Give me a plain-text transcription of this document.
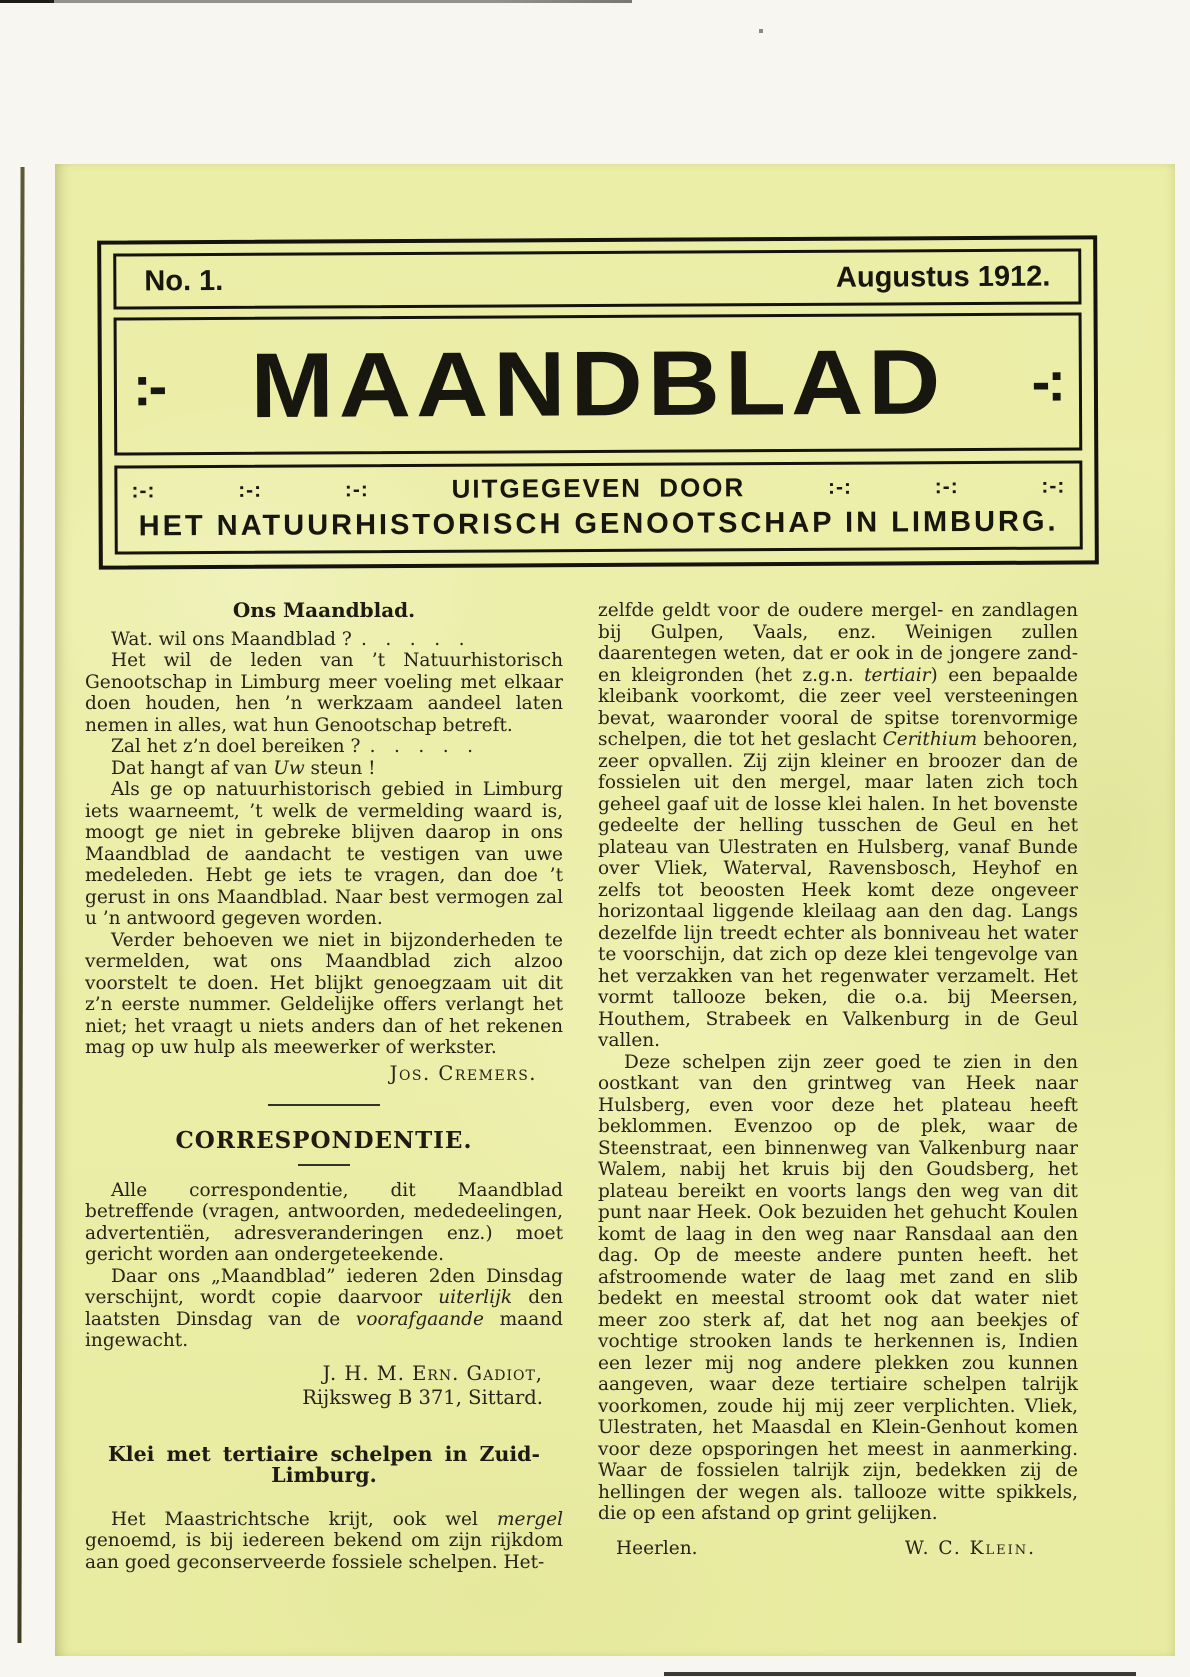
No. 1.	Augustus 1912.
:- MAANDBLAD -:
:-:	:-:	:-:	UITGEGEVEN DOOR	:-:	:-:	:-:
HET NATUURHISTORISCH GENOOTSCHAP IN LIMBURG.
Ons Maandblad.

Wat. wil ons Maandblad ? . . . . .

Het wil de leden van ’t Natuurhistorisch Genootschap in Limburg meer voeling met elkaar doen houden, hen ’n werkzaam aandeel laten nemen in alles, wat hun Genootschap betreft.

Zal het z’n doel bereiken ? . . . . .

Dat hangt af van Uw steun !

Als ge op natuurhistorisch gebied in Limburg iets waarneemt, ’t welk de vermelding waard is, moogt ge niet in gebreke blijven daarop in ons Maandblad de aandacht te vestigen van uwe medeleden. Hebt ge iets te vragen, dan doe ’t gerust in ons Maandblad. Naar best vermogen zal u ’n antwoord gegeven worden.

Verder behoeven we niet in bijzonderheden te vermelden, wat ons Maandblad zich alzoo voorstelt te doen. Het blijkt genoegzaam uit dit z’n eerste nummer. Geldelijke offers verlangt het niet; het vraagt u niets anders dan of het rekenen mag op uw hulp als meewerker of werkster.

Jos. Cremers.
CORRESPONDENTIE.

Alle correspondentie, dit Maandblad betreffende (vragen, antwoorden, mededeelingen, advertentiën, adresveranderingen enz.) moet gericht worden aan ondergeteekende.

Daar ons „Maandblad” iederen 2den Dinsdag verschijnt, wordt copie daarvoor uiterlijk den laatsten Dinsdag van de voorafgaande maand ingewacht.

J. H. M. Ern. Gadiot,
Rijksweg B 371, Sittard.
Klei met tertiaire schelpen in Zuid-Limburg.

Het Maastrichtsche krijt, ook wel mergel genoemd, is bij iedereen bekend om zijn rijkdom aan goed geconserveerde fossiele schelpen. Het-

zelfde geldt voor de oudere mergel- en zandlagen bij Gulpen, Vaals, enz. Weinigen zullen daarentegen weten, dat er ook in de jongere zand- en kleigronden (het z.g.n. tertiair) een bepaalde kleibank voorkomt, die zeer veel versteeningen bevat, waaronder vooral de spitse torenvormige schelpen, die tot het geslacht Cerithium behooren, zeer opvallen. Zij zijn kleiner en broozer dan de fossielen uit den mergel, maar laten zich toch geheel gaaf uit de losse klei halen. In het bovenste gedeelte der helling tusschen de Geul en het plateau van Ulestraten en Hulsberg, vanaf Bunde over Vliek, Waterval, Ravensbosch, Heyhof en zelfs tot beoosten Heek komt deze ongeveer horizontaal liggende kleilaag aan den dag. Langs dezelfde lijn treedt echter als bonniveau het water te voorschijn, dat zich op deze klei tengevolge van het verzakken van het regenwater verzamelt. Het vormt tallooze beken, die o.a. bij Meersen, Houthem, Strabeek en Valkenburg in de Geul vallen.

Deze schelpen zijn zeer goed te zien in den oostkant van den grintweg van Heek naar Hulsberg, even voor deze het plateau heeft beklommen. Evenzoo op de plek, waar de Steenstraat, een binnenweg van Valkenburg naar Walem, nabij het kruis bij den Goudsberg, het plateau bereikt en voorts langs den weg van dit punt naar Heek. Ook bezuiden het gehucht Koulen komt de laag in den weg naar Ransdaal aan den dag. Op de meeste andere punten heeft. het afstroomende water de laag met zand en slib bedekt en meestal stroomt ook dat water niet meer zoo sterk af, dat het nog aan beekjes of vochtige strooken lands te herkennen is, Indien een lezer mij nog andere plekken zou kunnen aangeven, waar deze tertiaire schelpen talrijk voorkomen, zoude hij mij zeer verplichten. Vliek, Ulestraten, het Maasdal en Klein-Genhout komen voor deze opsporingen het meest in aanmerking. Waar de fossielen talrijk zijn, bedekken zij de hellingen der wegen als. tallooze witte spikkels, die op een afstand op grint gelijken.

Heerlen.	W. C. Klein.
